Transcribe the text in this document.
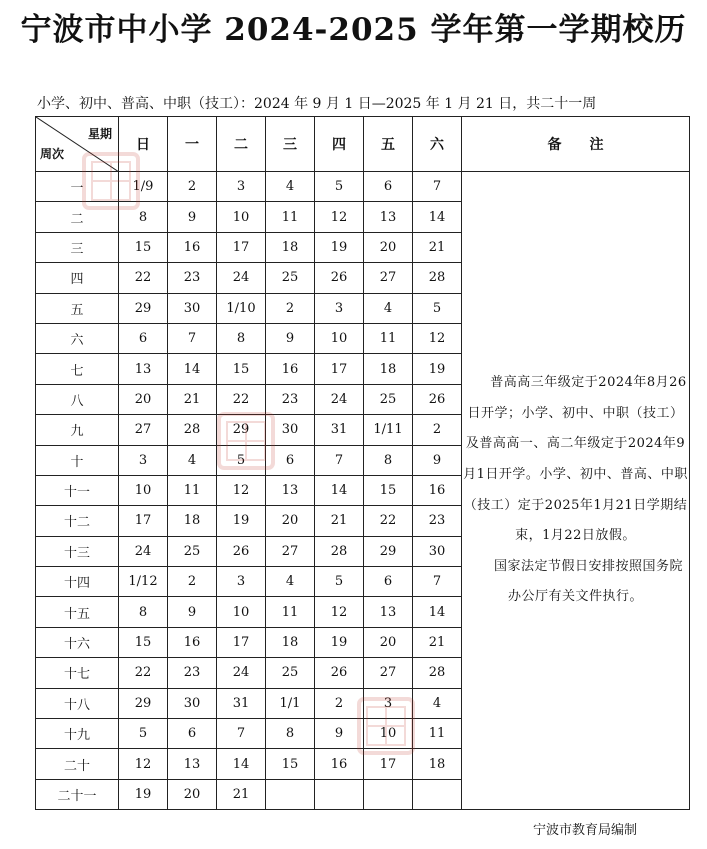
宁波市中小学 2024-2025 学年第一学期校历
小学、初中、普高、中职（技工）：2024 年 9 月 1 日—2025 年 1 月 21 日，共二十一周
星期
周次	日	一	二	三	四	五	六	备　　注
一	1/9	2	3	4	5	6	7	普高高三年级定于2024年8月26日开学；小学、初中、中职（技工）及普高高一、高二年级定于2024年9月1日开学。小学、初中、普高、中职（技工）定于2025年1月21日学期结束，1月22日放假。

国家法定节假日安排按照国务院办公厅有关文件执行。

二	8	9	10	11	12	13	14	
三	15	16	17	18	19	20	21	
四	22	23	24	25	26	27	28	
五	29	30	1/10	2	3	4	5	
六	6	7	8	9	10	11	12	
七	13	14	15	16	17	18	19	
八	20	21	22	23	24	25	26	
九	27	28	29	30	31	1/11	2	
十	3	4	5	6	7	8	9	
十一	10	11	12	13	14	15	16	
十二	17	18	19	20	21	22	23	
十三	24	25	26	27	28	29	30	
十四	1/12	2	3	4	5	6	7	
十五	8	9	10	11	12	13	14	
十六	15	16	17	18	19	20	21	
十七	22	23	24	25	26	27	28	
十八	29	30	31	1/1	2	3	4	
十九	5	6	7	8	9	10	11	
二十	12	13	14	15	16	17	18	
二十一	19	20	21					
宁波市教育局编制
